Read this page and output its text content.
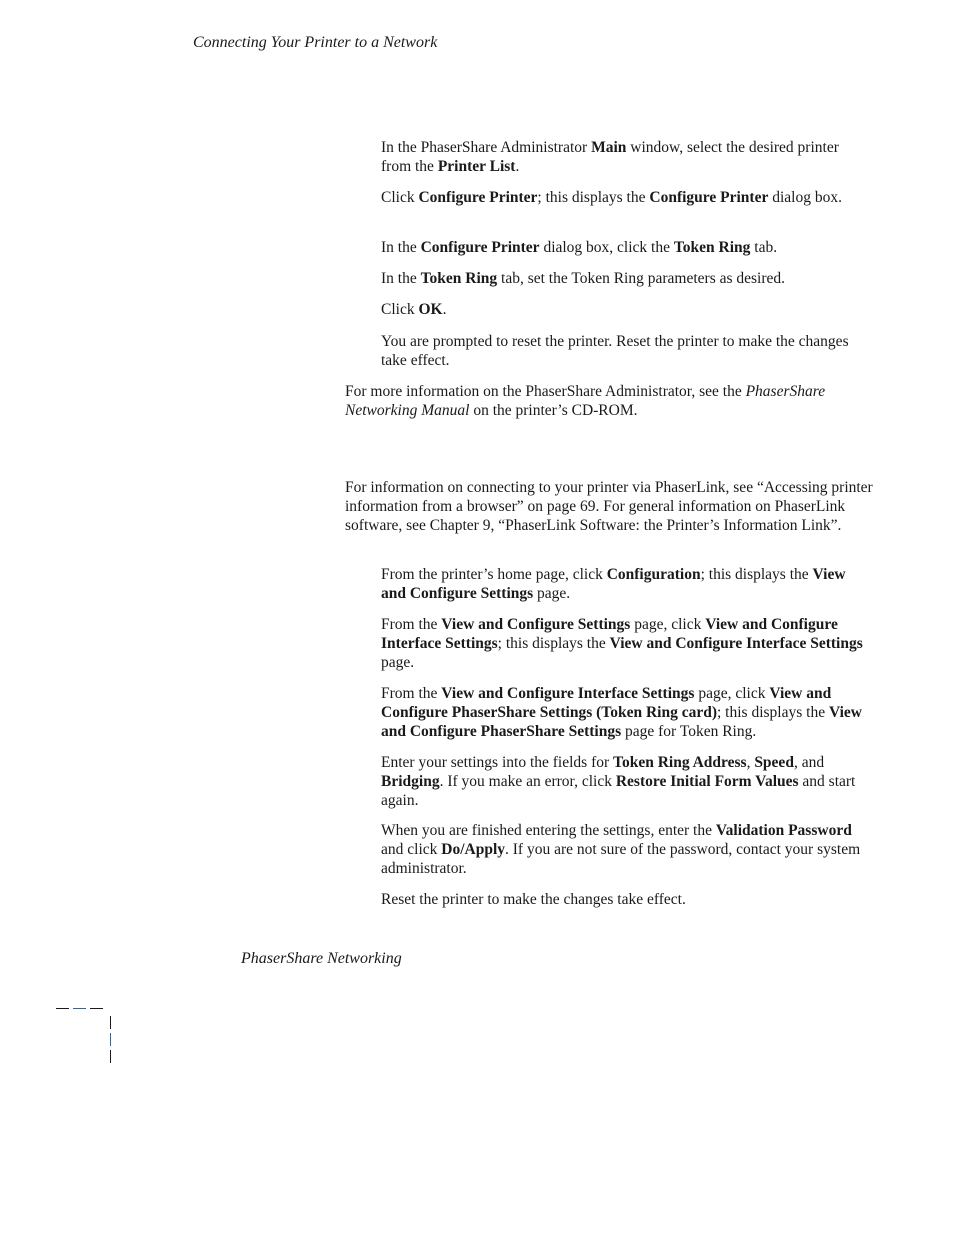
Connecting Your Printer to a Network

In the PhaserShare Administrator Main window, select the desired printer from the Printer List.

Click Configure Printer; this displays the Configure Printer dialog box.

In the Configure Printer dialog box, click the Token Ring tab.

In the Token Ring tab, set the Token Ring parameters as desired.

Click OK.

You are prompted to reset the printer. Reset the printer to make the changes take effect.

For more information on the PhaserShare Administrator, see the PhaserShare Networking Manual on the printer’s CD-ROM.

For information on connecting to your printer via PhaserLink, see “Accessing printer information from a browser” on page 69. For general information on PhaserLink software, see Chapter 9, “PhaserLink Software: the Printer’s Information Link”.

From the printer’s home page, click Configuration; this displays the View and Configure Settings page.

From the View and Configure Settings page, click View and Configure Interface Settings; this displays the View and Configure Interface Settings page.

From the View and Configure Interface Settings page, click View and Configure PhaserShare Settings (Token Ring card); this displays the View and Configure PhaserShare Settings page for Token Ring.

Enter your settings into the fields for Token Ring Address, Speed, and Bridging. If you make an error, click Restore Initial Form Values and start again.

When you are finished entering the settings, enter the Validation Password and click Do/Apply. If you are not sure of the password, contact your system administrator.

Reset the printer to make the changes take effect.

PhaserShare Networking
